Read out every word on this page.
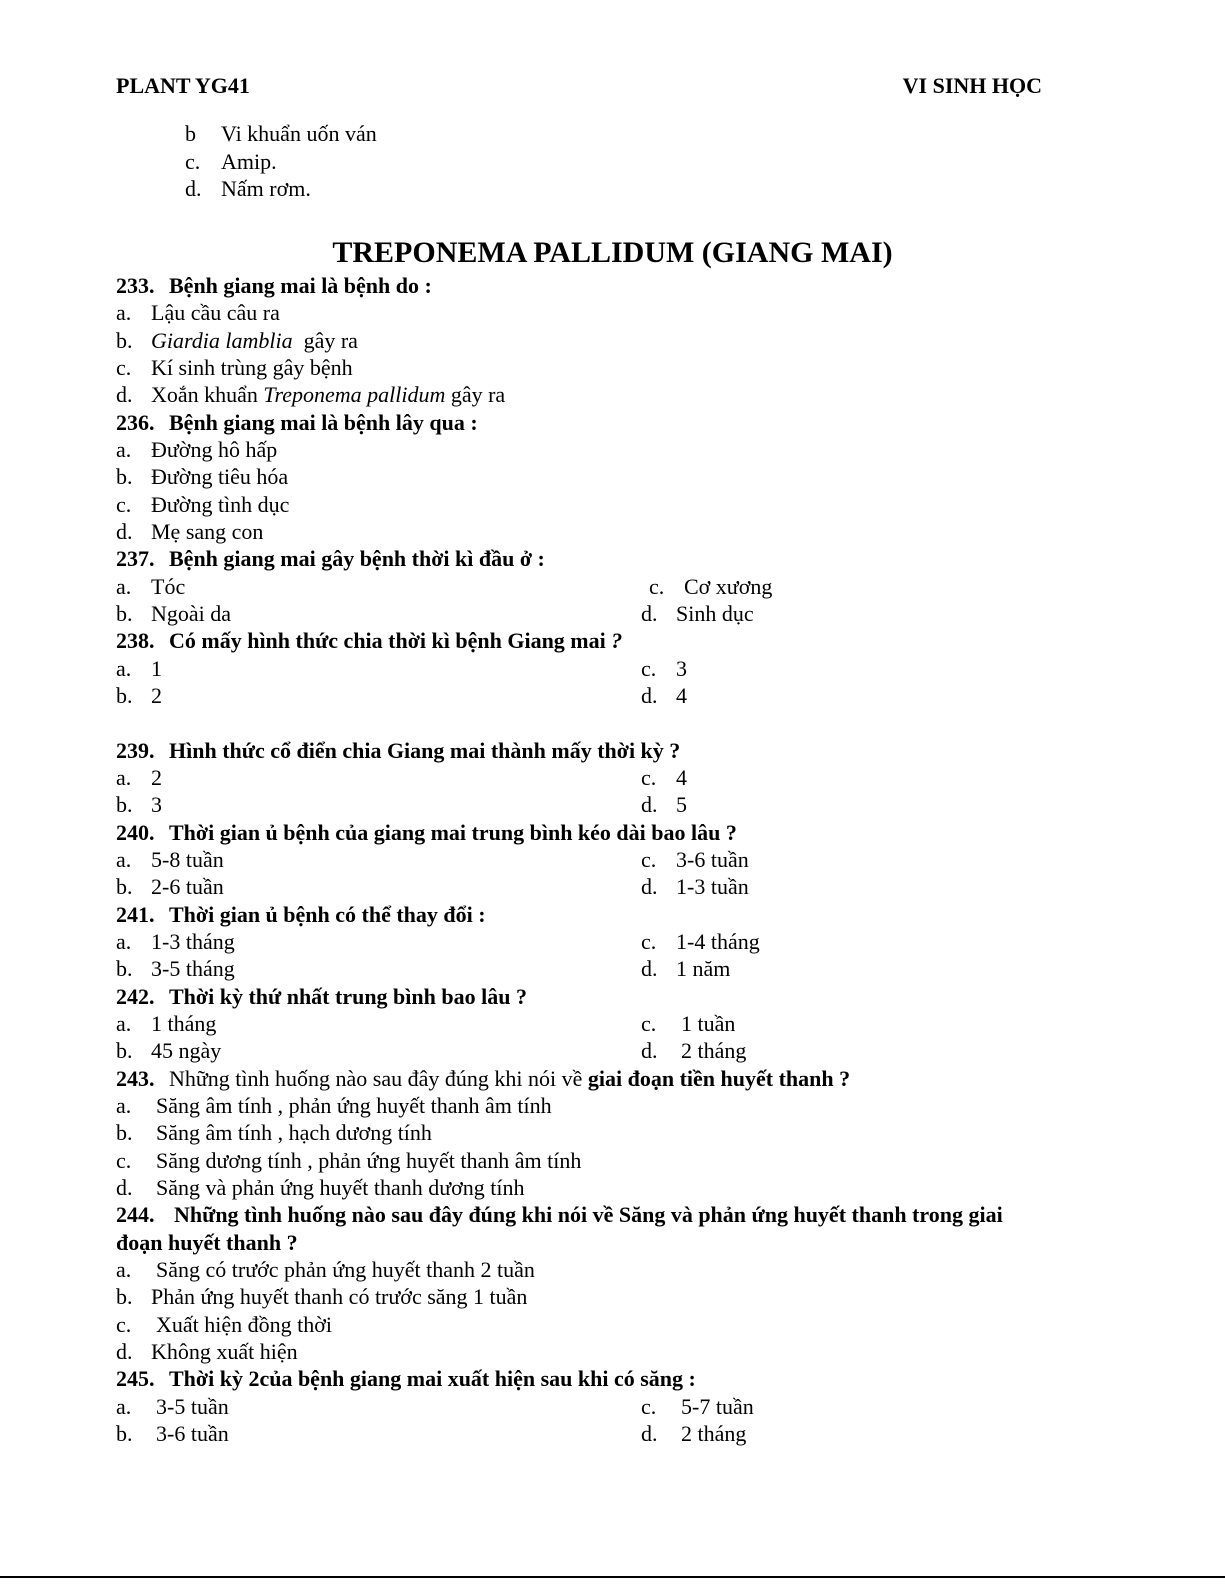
PLANT YG41	VI SINH HỌC
b	Vi khuẩn uốn ván
c. Amip.
d. Nấm rơm.
TREPONEMA PALLIDUM (GIANG MAI)
233. Bệnh giang mai là bệnh do :
a. Lậu cầu câu ra
b. Giardia lamblia gây ra
c. Kí sinh trùng gây bệnh
d. Xoắn khuẩn Treponema pallidum gây ra
236. Bệnh giang mai là bệnh lây qua :
a. Đường hô hấp
b. Đường tiêu hóa
c. Đường tình dục
d. Mẹ sang con
237. Bệnh giang mai gây bệnh thời kì đầu ở :
a. Tóc	c. Cơ xương
b. Ngoài da	d. Sinh dục
238. Có mấy hình thức chia thời kì bệnh Giang mai ?
a. 1	c. 3
b. 2	d. 4
239. Hình thức cổ điển chia Giang mai thành mấy thời kỳ ?
a. 2	c. 4
b. 3	d. 5
240. Thời gian ủ bệnh của giang mai trung bình kéo dài bao lâu ?
a. 5-8 tuần	c. 3-6 tuần
b. 2-6 tuần	d. 1-3 tuần
241. Thời gian ủ bệnh có thể thay đổi :
a. 1-3 tháng	c. 1-4 tháng
b. 3-5 tháng	d. 1 năm
242. Thời kỳ thứ nhất trung bình bao lâu ?
a. 1 tháng	c.	1 tuần
b. 45 ngày	d.	2 tháng
243. Những tình huống nào sau đây đúng khi nói về giai đoạn tiền huyết thanh ?
a.	Săng âm tính , phản ứng huyết thanh âm tính
b.	Săng âm tính , hạch dương tính
c.	Săng dương tính , phản ứng huyết thanh âm tính
d.	Săng và phản ứng huyết thanh dương tính
244. Những tình huống nào sau đây đúng khi nói về Săng và phản ứng huyết thanh trong giai
đoạn huyết thanh ?
a.	Săng có trước phản ứng huyết thanh 2 tuần
b. Phản ứng huyết thanh có trước săng 1 tuần
c.	Xuất hiện đồng thời
d. Không xuất hiện
245. Thời kỳ 2của bệnh giang mai xuất hiện sau khi có săng :
a.	3-5 tuần	c.	5-7 tuần
b.	3-6 tuần	d.	2 tháng
